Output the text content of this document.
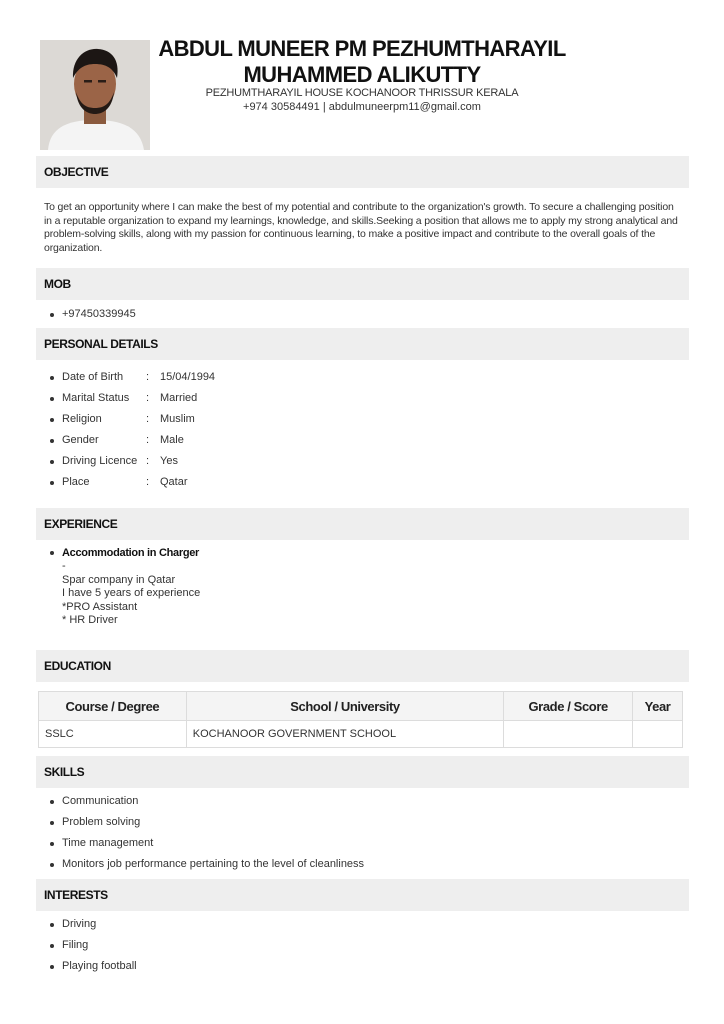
ABDUL MUNEER PM PEZHUMTHARAYIL
MUHAMMED ALIKUTTY
PEZHUMTHARAYIL HOUSE KOCHANOOR THRISSUR KERALA
+974 30584491 | abdulmuneerpm11@gmail.com
OBJECTIVE
To get an opportunity where I can make the best of my potential and contribute to the organization's growth. To secure a challenging position in a reputable organization to expand my learnings, knowledge, and skills.Seeking a position that allows me to apply my strong analytical and problem-solving skills, along with my passion for continuous learning, to make a positive impact and contribute to the overall goals of the organization.
MOB
+97450339945
PERSONAL DETAILS
Date of Birth : 15/04/1994
Marital Status : Married
Religion	: Muslim
Gender	: Male
Driving Licence : Yes
Place	: Qatar
EXPERIENCE
Accommodation in Charger
-
Spar company in Qatar
I have 5 years of experience
*PRO Assistant
* HR Driver
EDUCATION
Course / Degree	School / University	Grade / Score	Year
SSLC	KOCHANOOR GOVERNMENT SCHOOL		
SKILLS
Communication
Problem solving
Time management
Monitors job performance pertaining to the level of cleanliness
INTERESTS
Driving
Filing
Playing football
